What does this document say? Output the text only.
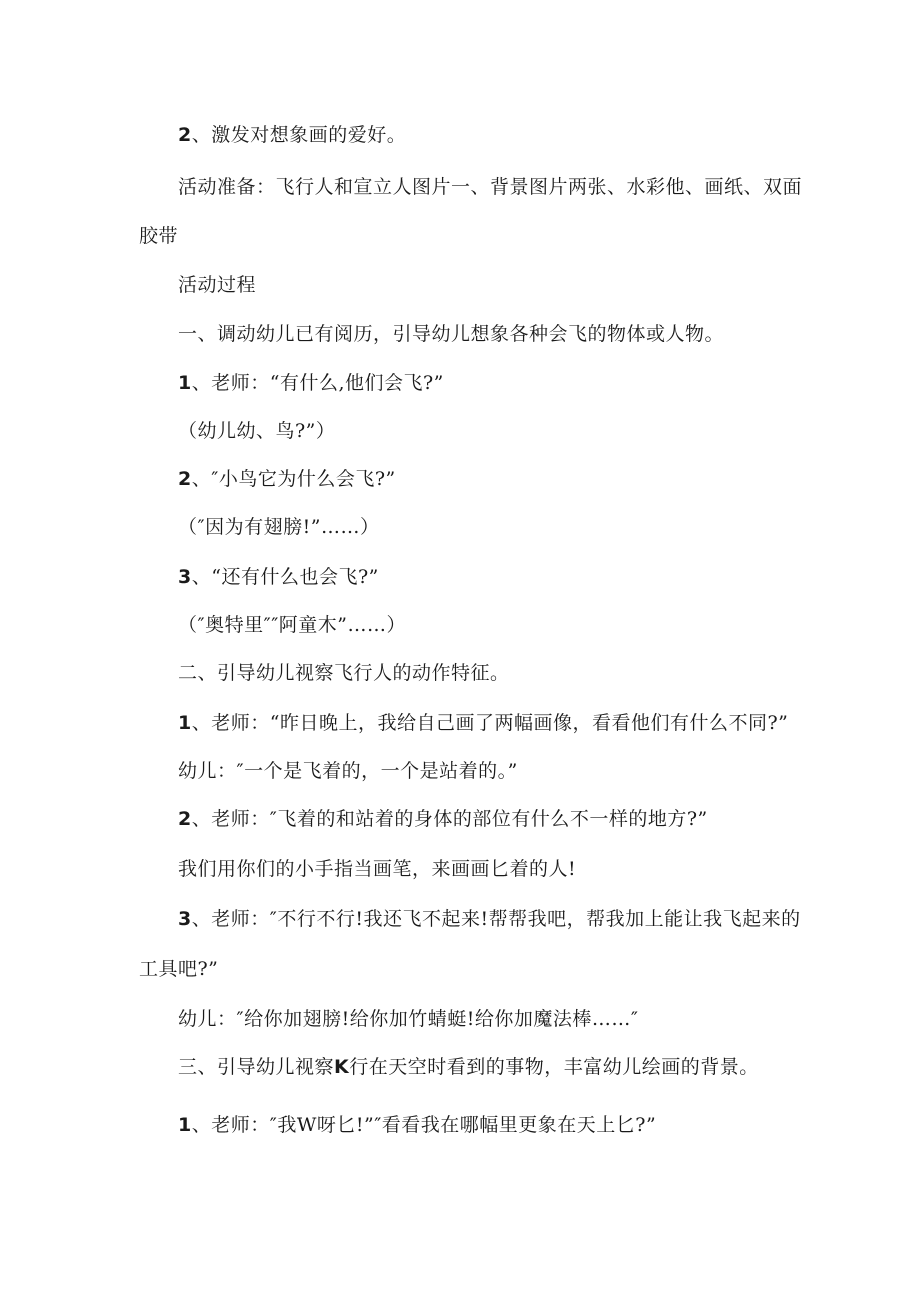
2、激发对想象画的爱好。
活动准备：飞行人和宣立人图片一、背景图片两张、水彩他、画纸、双面
胶带
活动过程
一、调动幼儿已有阅历，引导幼儿想象各种会飞的物体或人物。
1、老师：“有什么,他们会飞?”
（幼儿幼、鸟?”）
2、″小鸟它为什么会飞?”
（″因为有翅膀!”……）
3、“还有什么也会飞?”
（″奥特里″″阿童木”……）
二、引导幼儿视察飞行人的动作特征。
1、老师：“昨日晚上，我给自己画了两幅画像，看看他们有什么不同?”
幼儿：″一个是飞着的，一个是站着的。”
2、老师：″飞着的和站着的身体的部位有什么不一样的地方?”
我们用你们的小手指当画笔，来画画匕着的人!
3、老师：″不行不行!我还飞不起来!帮帮我吧，帮我加上能让我飞起来的
工具吧?”
幼儿：″给你加翅膀!给你加竹蜻蜓!给你加魔法棒……″
三、引导幼儿视察K行在天空时看到的事物，丰富幼儿绘画的背景。
1、老师：″我W呀匕!”″看看我在哪幅里更象在天上匕?”
